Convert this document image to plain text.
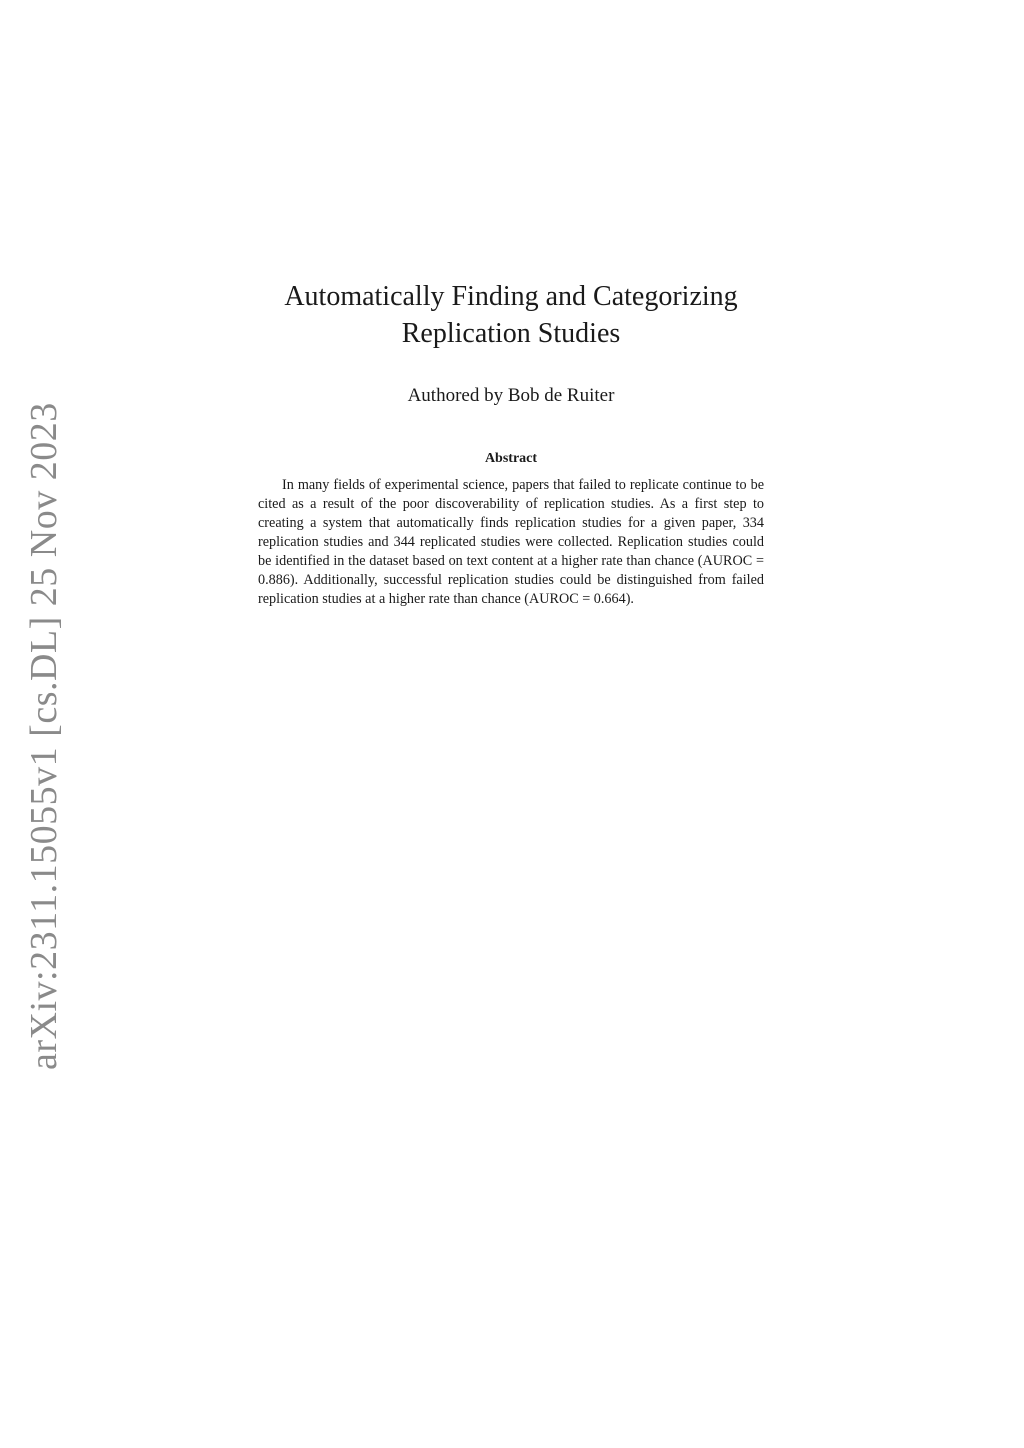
arXiv:2311.15055v1 [cs.DL] 25 Nov 2023
Automatically Finding and Categorizing
Replication Studies
Authored by Bob de Ruiter
Abstract

In many fields of experimental science, papers that failed to replicate continue to be cited as a result of the poor discoverability of replication studies. As a first step to creating a system that automatically finds replication studies for a given paper, 334 replication studies and 344 replicated studies were collected. Replication studies could be identified in the dataset based on text content at a higher rate than chance (AUROC = 0.886). Additionally, successful replication studies could be distinguished from failed replication studies at a higher rate than chance (AUROC = 0.664).
